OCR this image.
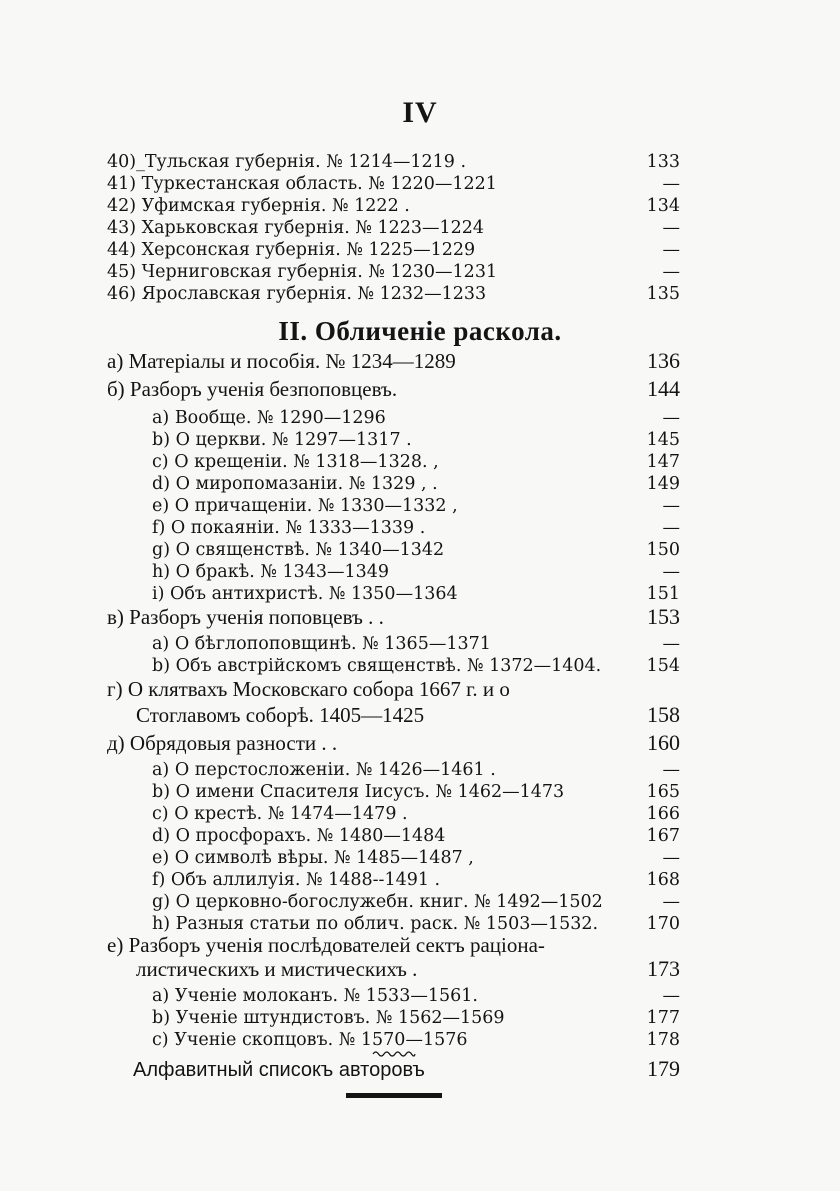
IV
40)_Тульская губернія. № 1214—1219 .	133
41) Туркестанская область. № 1220—1221	—
42) Уфимская губернія. № 1222 .	134
43) Харьковская губернія. № 1223—1224	—
44) Херсонская губернія. № 1225—1229	—
45) Черниговская губернія. № 1230—1231	—
46) Ярославская губернія. № 1232—1233	135
II. Обличеніе раскола.
а) Матеріалы и пособія. № 1234—1289	136
б) Разборъ ученія безпоповцевъ.	144
a) Вообще. № 1290—1296	—
b) О церкви. № 1297—1317 .	145
c) О крещеніи. № 1318—1328. ,	147
d) О миропомазаніи. № 1329 , .	149
e) О причащеніи. № 1330—1332 ,	—
f) О покаяніи. № 1333—1339 .	—
g) О священствѣ. № 1340—1342	150
h) О бракѣ. № 1343—1349	—
i) Объ антихристѣ. № 1350—1364	151
в) Разборъ ученія поповцевъ . .	153
a) О бѣглопоповщинѣ. № 1365—1371	—
b) Объ австрійскомъ священствѣ. № 1372—1404.	154
г) О клятвахъ Московскаго собора 1667 г. и о
Стоглавомъ соборѣ. 1405—1425	158
д) Обрядовыя разности . .	160
a) О перстосложеніи. № 1426—1461 .	—
b) О имени Спасителя Іисусъ. № 1462—1473	165
c) О крестѣ. № 1474—1479 .	166
d) О просфорахъ. № 1480—1484	167
e) О символѣ вѣры. № 1485—1487 ,	—
f) Объ аллилуія. № 1488--1491 .	168
g) О церковно-богослужебн. книг. № 1492—1502	—
h) Разныя статьи по облич. раск. № 1503—1532.	170
е) Разборъ ученія послѣдователей сектъ раціона-
листическихъ и мистическихъ .	173
a) Ученіе молоканъ. № 1533—1561.	—
b) Ученіе штундистовъ. № 1562—1569	177
c) Ученіе скопцовъ. № 1570—1576	178
Алфавитный списокъ авторовъ	179
